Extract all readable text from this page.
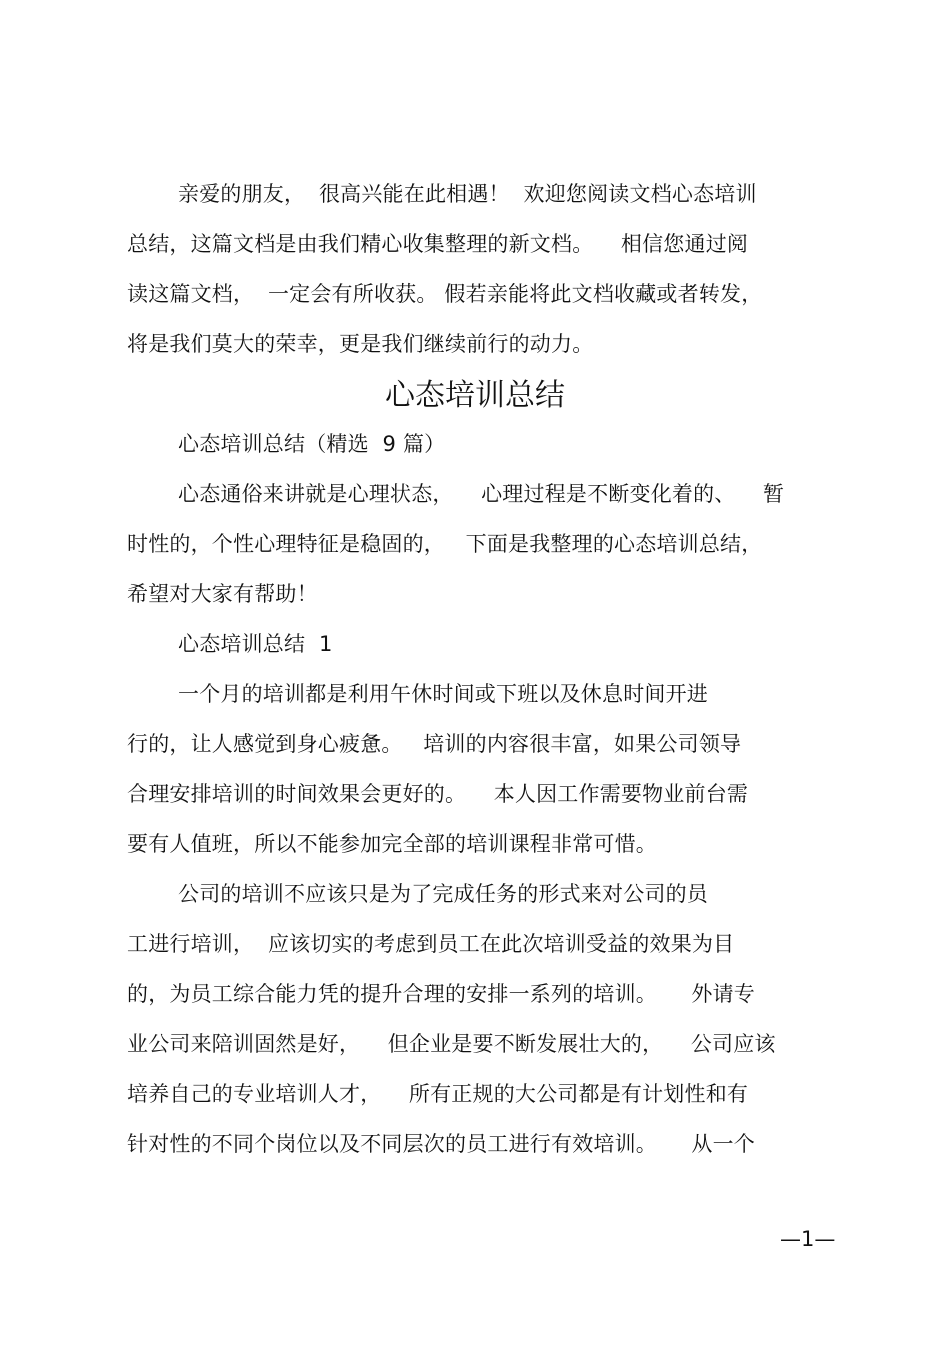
亲爱的朋友，  很高兴能在此相遇！  欢迎您阅读文档心态培训
总结，这篇文档是由我们精心收集整理的新文档。    相信您通过阅
读这篇文档，  一定会有所收获。 假若亲能将此文档收藏或者转发，
将是我们莫大的荣幸，更是我们继续前行的动力。
心态培训总结
心态培训总结（精选  9 篇）
心态通俗来讲就是心理状态，    心理过程是不断变化着的、    暂
时性的，个性心理特征是稳固的，   下面是我整理的心态培训总结，
希望对大家有帮助！
心态培训总结  1
一个月的培训都是利用午休时间或下班以及休息时间开进
行的，让人感觉到身心疲惫。   培训的内容很丰富，如果公司领导
合理安排培训的时间效果会更好的。    本人因工作需要物业前台需
要有人值班，所以不能参加完全部的培训课程非常可惜。
公司的培训不应该只是为了完成任务的形式来对公司的员
工进行培训，  应该切实的考虑到员工在此次培训受益的效果为目
的，为员工综合能力凭的提升合理的安排一系列的培训。     外请专
业公司来陪训固然是好，    但企业是要不断发展壮大的，    公司应该
培养自己的专业培训人才，    所有正规的大公司都是有计划性和有
针对性的不同个岗位以及不同层次的员工进行有效培训。     从一个
—1—
